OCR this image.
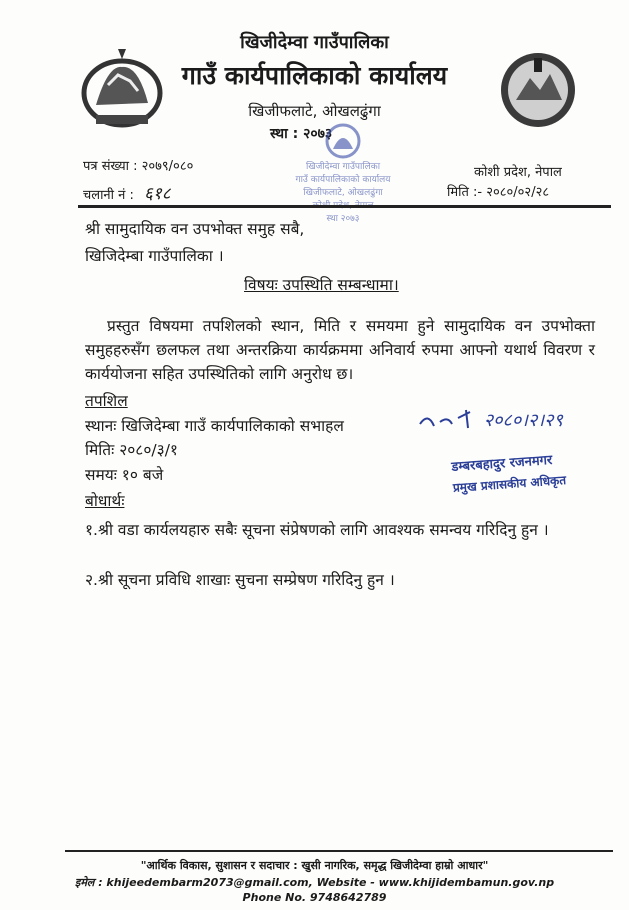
खिजीदेम्वा गाउँपालिका
गाउँ कार्यपालिकाको कार्यालय
खिजीफलाटे, ओखलढुंगा
स्था : २०७३
पत्र संख्या : २०७९/०८०
चलानी नं : ६१८
कोशी प्रदेश, नेपाल
मिति :- २०८०/०२/२८
खिजीदेम्वा गाउँपालिका
गाउँ कार्यपालिकाको कार्यालय
खिजीफलाटे, ओखलढुंगा
स्था २०७३
श्री सामुदायिक वन उपभोक्त समुह सबै,
खिजिदेम्बा गाउँपालिका ।
विषयः उपस्थिति सम्बन्धामा।
प्रस्तुत विषयमा तपशिलको स्थान, मिति र समयमा हुने सामुदायिक वन उपभोक्ता समुहहरुसँग छलफल तथा अन्तरक्रिया कार्यक्रममा अनिवार्य रुपमा आफ्नो यथार्थ विवरण र कार्ययोजना सहित उपस्थितिको लागि अनुरोध छ।
तपशिल
स्थानः खिजिदेम्बा गाउँ कार्यपालिकाको सभाहल
मितिः २०८०/३/१
समयः १० बजे
बोधार्थः
१.श्री वडा कार्यलयहारु सबैः सूचना संप्रेषणको लागि आवश्यक समन्वय गरिदिनु हुन ।
२.श्री सूचना प्रविधि शाखाः सुचना सम्प्रेषण गरिदिनु हुन ।
२०८०।२।२९
डम्बरबहादुर रजनमगर
प्रमुख प्रशासकीय अधिकृत
"आर्थिक विकास, सुशासन र सदाचार : खुसी नागरिक, समृद्ध खिजीदेम्वा हाम्रो आधार"
इमेल : khijeedembarm2073@gmail.com, Website - www.khijidembamun.gov.np
Phone No. 9748642789
